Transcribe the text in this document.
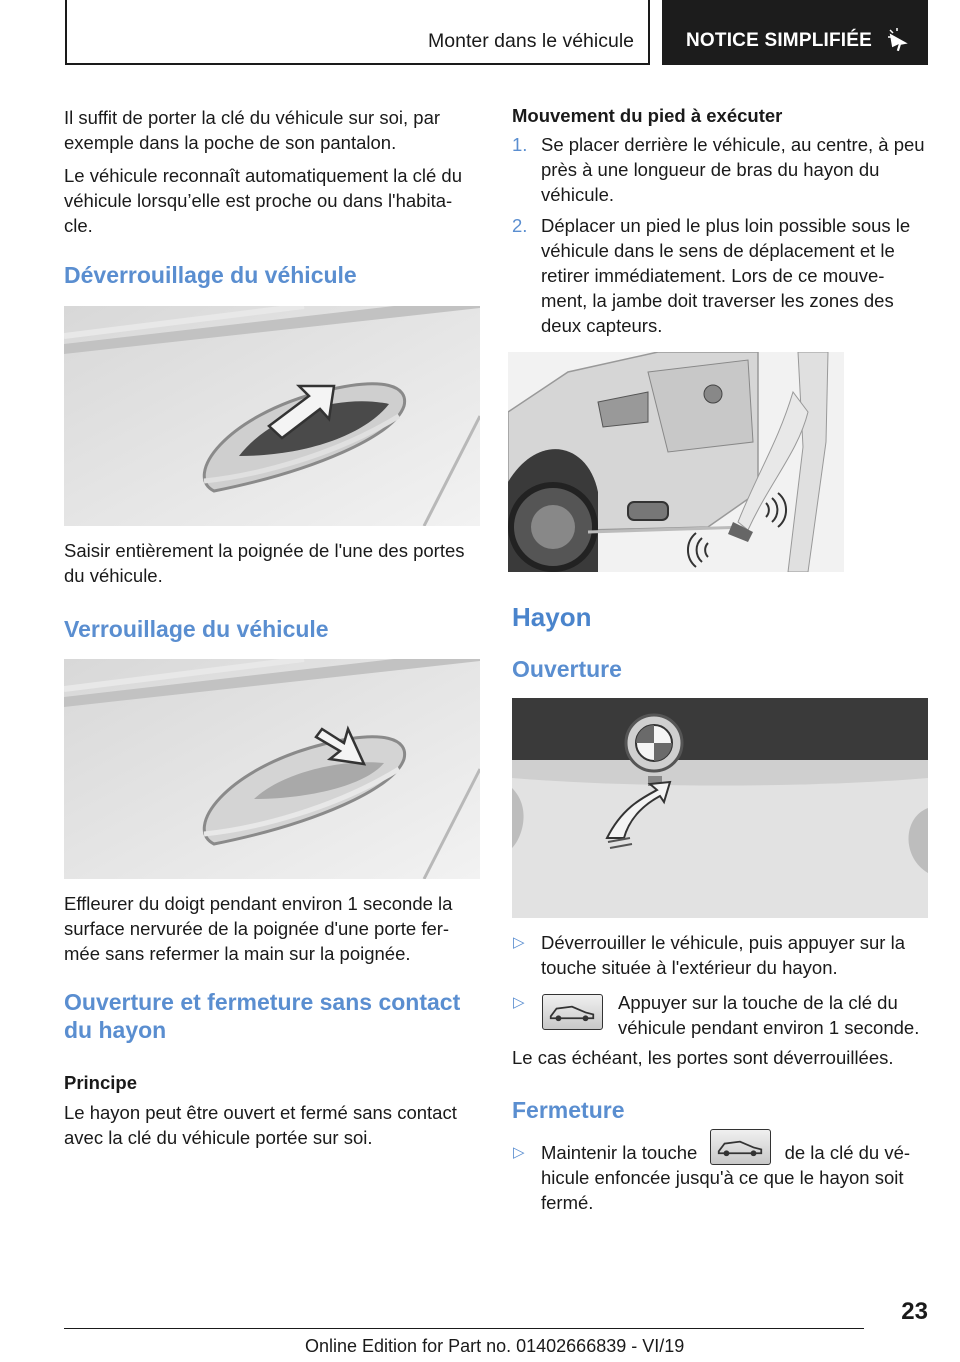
Monter dans le véhicule	NOTICE SIMPLIFIÉE

Il suffit de porter la clé du véhicule sur soi, par exemple dans la poche de son pantalon.

Le véhicule reconnaît automatiquement la clé du véhicule lorsqu’elle est proche ou dans l'habita‐ cle.

Déverrouillage du véhicule

Saisir entièrement la poignée de l'une des portes du véhicule.

Verrouillage du véhicule

Effleurer du doigt pendant environ 1 seconde la surface nervurée de la poignée d'une porte fer‐ mée sans refermer la main sur la poignée.

Ouverture et fermeture sans contact du hayon
Principe

Le hayon peut être ouvert et fermé sans contact avec la clé du véhicule portée sur soi.

Mouvement du pied à exécuter
1. Se placer derrière le véhicule, au centre, à peu près à une longueur de bras du hayon du véhicule.
2. Déplacer un pied le plus loin possible sous le véhicule dans le sens de déplacement et le retirer immédiatement. Lors de ce mouve‐ ment, la jambe doit traverser les zones des deux capteurs.
Hayon
Ouverture
▷ Déverrouiller le véhicule, puis appuyer sur la touche située à l'extérieur du hayon.
▷	Appuyer sur la touche de la clé du véhicule pendant environ 1 seconde.

Le cas échéant, les portes sont déverrouillées.

Fermeture
▷ Maintenir la touche	de la clé du vé‐ hicule enfoncée jusqu'à ce que le hayon soit fermé.
23
Online Edition for Part no. 01402666839 - VI/19
